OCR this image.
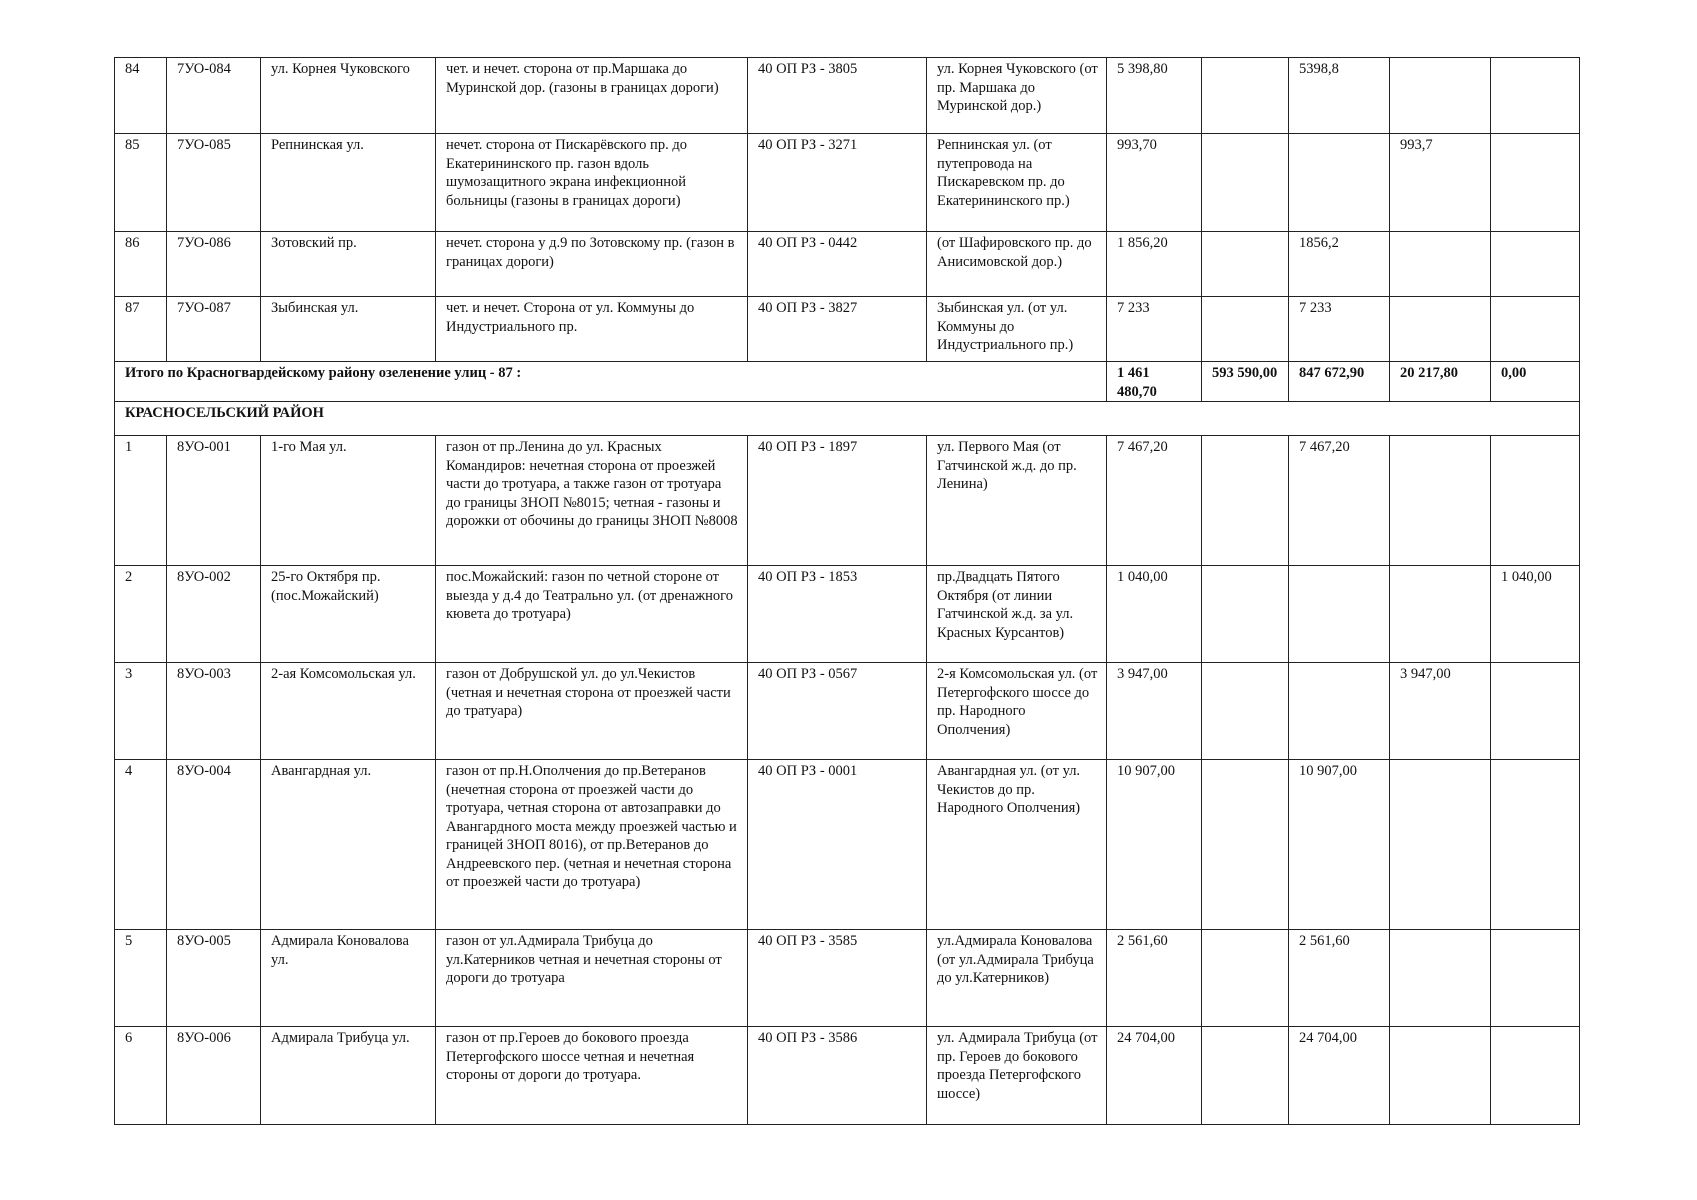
84	7УО-084	ул. Корнея Чуковского	чет. и нечет. сторона от пр.Маршака до Муринской дор. (газоны в границах дороги)	40 ОП РЗ - 3805	ул. Корнея Чуковского (от пр. Маршака до Муринской дор.)	5 398,80		5398,8		
85	7УО-085	Репнинская ул.	нечет. сторона от Пискарёвского пр. до Екатерининского пр. газон вдоль шумозащитного экрана инфекционной больницы (газоны в границах дороги)	40 ОП РЗ - 3271	Репнинская ул. (от путепровода на Пискаревском пр. до Екатерининского пр.)	993,70			993,7	
86	7УО-086	Зотовский пр.	нечет. сторона у д.9 по Зотовскому пр. (газон в границах дороги)	40 ОП РЗ - 0442	(от Шафировского пр. до Анисимовской дор.)	1 856,20		1856,2		
87	7УО-087	Зыбинская ул.	чет. и нечет. Сторона от ул. Коммуны до Индустриального пр.	40 ОП РЗ - 3827	Зыбинская ул. (от ул. Коммуны до Индустриального пр.)	7 233		7 233		
Итого по Красногвардейскому району озеленение улиц - 87 :						1 461 480,70	593 590,00	847 672,90	20 217,80	0,00
КРАСНОСЕЛЬСКИЙ РАЙОН										
1	8УО-001	1-го Мая ул.	газон от пр.Ленина до ул. Красных Командиров: нечетная сторона от проезжей части до тротуара, а также газон от тротуара до границы ЗНОП №8015; четная - газоны и дорожки от обочины до границы ЗНОП №8008	40 ОП РЗ - 1897	ул. Первого Мая (от Гатчинской ж.д. до пр. Ленина)	7 467,20		7 467,20		
2	8УО-002	25-го Октября пр. (пос.Можайский)	пос.Можайский: газон по четной стороне от выезда у д.4 до Театрально ул. (от дренажного кювета до тротуара)	40 ОП РЗ - 1853	пр.Двадцать Пятого Октября (от линии Гатчинской ж.д. за ул. Красных Курсантов)	1 040,00				1 040,00
3	8УО-003	2-ая Комсомольская ул.	газон от Добрушской ул. до ул.Чекистов (четная и нечетная сторона от проезжей части до тратуара)	40 ОП РЗ - 0567	2-я Комсомольская ул. (от Петергофского шоссе до пр. Народного Ополчения)	3 947,00			3 947,00	
4	8УО-004	Авангардная ул.	газон от пр.Н.Ополчения до пр.Ветеранов (нечетная сторона от проезжей части до тротуара, четная сторона от автозаправки до Авангардного моста между проезжей частью и границей ЗНОП 8016), от пр.Ветеранов до Андреевского пер. (четная и нечетная сторона от проезжей части до тротуара)	40 ОП РЗ - 0001	Авангардная ул. (от ул. Чекистов до пр. Народного Ополчения)	10 907,00		10 907,00		
5	8УО-005	Адмирала Коновалова ул.	газон от ул.Адмирала Трибуца до ул.Катерников четная и нечетная стороны от дороги до тротуара	40 ОП РЗ - 3585	ул.Адмирала Коновалова (от ул.Адмирала Трибуца до ул.Катерников)	2 561,60		2 561,60		
6	8УО-006	Адмирала Трибуца ул.	газон от пр.Героев до бокового проезда Петергофского шоссе четная и нечетная стороны от дороги до тротуара.	40 ОП РЗ - 3586	ул. Адмирала Трибуца (от пр. Героев до бокового проезда Петергофского шоссе)	24 704,00		24 704,00		
